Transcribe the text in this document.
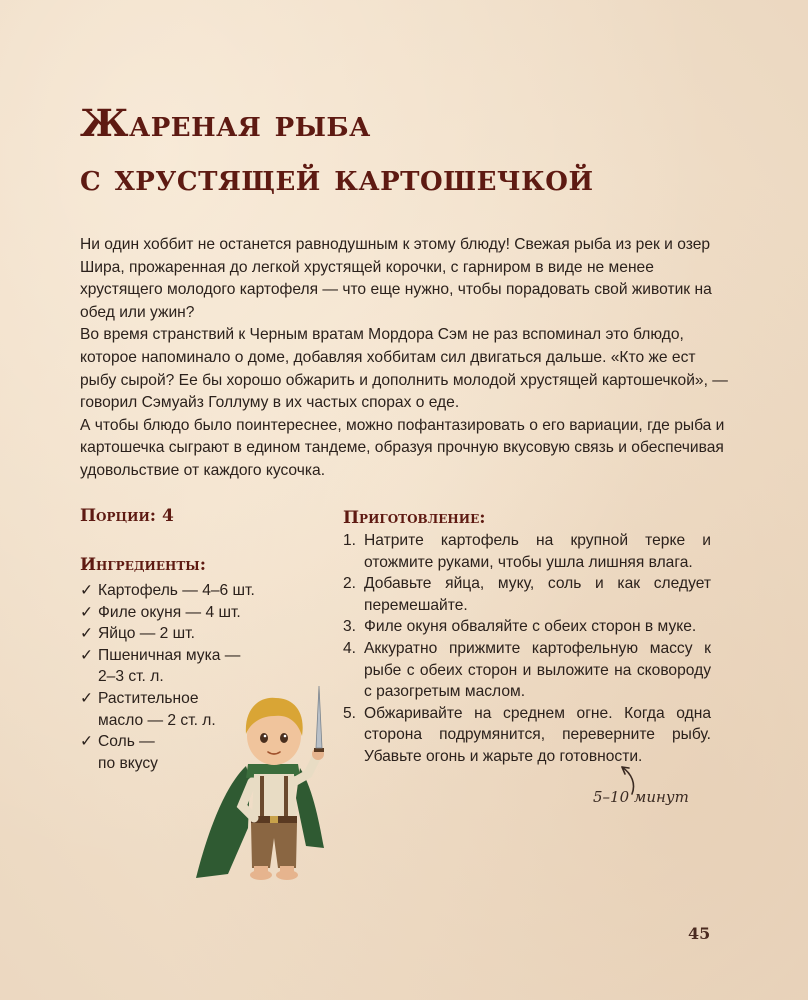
Жареная рыба
с хрустящей картошечкой

Ни один хоббит не останется равнодушным к этому блюду! Свежая рыба из рек и озер Шира, прожаренная до легкой хрустящей корочки, с гарниром в виде не менее хрустящего молодого картофеля — что еще нужно, чтобы порадовать свой животик на обед или ужин?

Во время странствий к Черным вратам Мордора Сэм не раз вспоминал это блюдо, которое напоминало о доме, добавляя хоббитам сил двигаться дальше. «Кто же ест рыбу сырой? Ее бы хорошо обжарить и дополнить молодой хрустящей картошечкой», — говорил Сэмуайз Голлуму в их частых спорах о еде.

А чтобы блюдо было поинтереснее, можно пофантазировать о его вариации, где рыба и картошечка сыграют в едином тандеме, образуя прочную вкусовую связь и обеспечивая удовольствие от каждого кусочка.

Порции: 4
Ингредиенты:
✓ Картофель — 4–6 шт.
✓ Филе окуня — 4 шт.
✓ Яйцо — 2 шт.
✓ Пшеничная мука —
2–3 ст. л.
✓ Растительное
масло — 2 ст. л.
✓ Соль —
по вкусу
Приготовление:
1. Натрите картофель на крупной терке и отожмите руками, чтобы ушла лишняя влага.
2. Добавьте яйца, муку, соль и как следует перемешайте.
3. Филе окуня обваляйте с обеих сторон в муке.
4. Аккуратно прижмите картофельную массу к рыбе с обеих сторон и выложите на сковороду с разогретым маслом.
5. Обжаривайте на среднем огне. Когда одна сторона подрумянится, переверните рыбу. Убавьте огонь и жарьте до готовности.
5–10 минут
45
